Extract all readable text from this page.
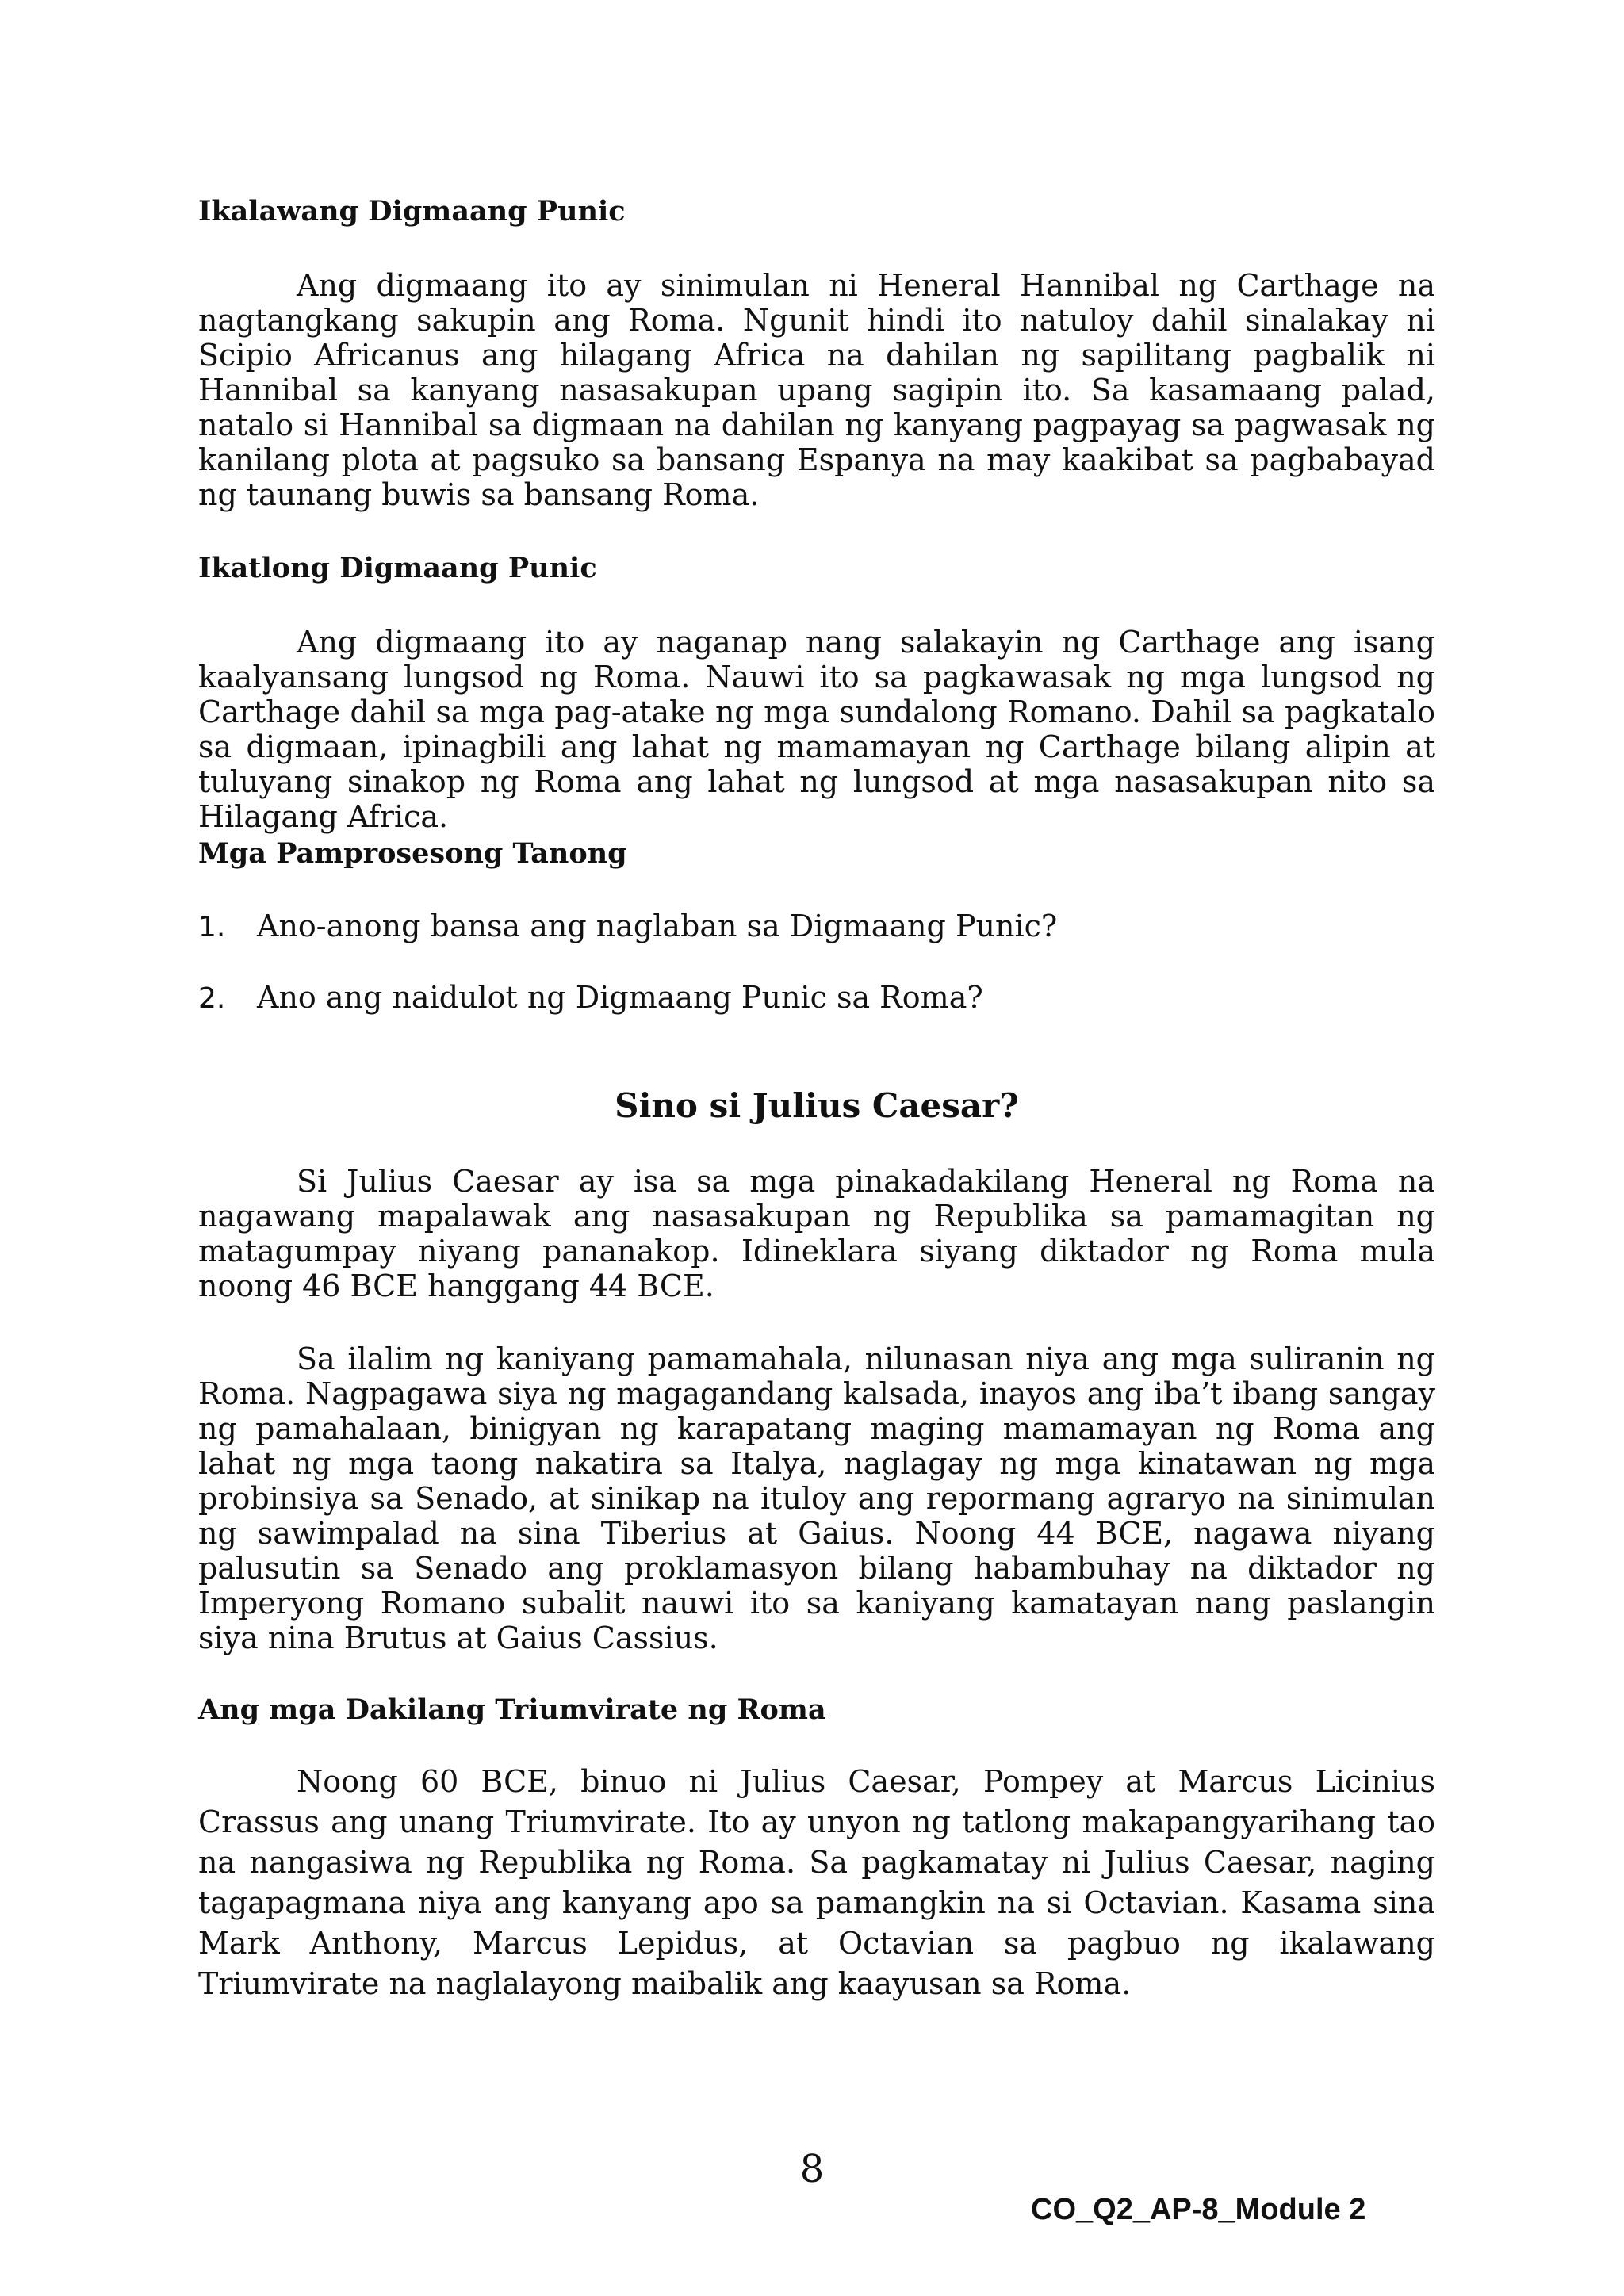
Ikalawang Digmaang Punic

Ang digmaang ito ay sinimulan ni Heneral Hannibal ng Carthage na nagtangkang sakupin ang Roma. Ngunit hindi ito natuloy dahil sinalakay ni Scipio Africanus ang hilagang Africa na dahilan ng sapilitang pagbalik ni Hannibal sa kanyang nasasakupan upang sagipin ito. Sa kasamaang palad, natalo si Hannibal sa digmaan na dahilan ng kanyang pagpayag sa pagwasak ng kanilang plota at pagsuko sa bansang Espanya na may kaakibat sa pagbabayad ng taunang buwis sa bansang Roma.

Ikatlong Digmaang Punic

Ang digmaang ito ay naganap nang salakayin ng Carthage ang isang kaalyansang lungsod ng Roma. Nauwi ito sa pagkawasak ng mga lungsod ng Carthage dahil sa mga pag-atake ng mga sundalong Romano. Dahil sa pagkatalo sa digmaan, ipinagbili ang lahat ng mamamayan ng Carthage bilang alipin at tuluyang sinakop ng Roma ang lahat ng lungsod at mga nasasakupan nito sa Hilagang Africa.

Mga Pamprosesong Tanong
1. Ano-anong bansa ang naglaban sa Digmaang Punic?
2. Ano ang naidulot ng Digmaang Punic sa Roma?
Sino si Julius Caesar?

Si Julius Caesar ay isa sa mga pinakadakilang Heneral ng Roma na nagawang mapalawak ang nasasakupan ng Republika sa pamamagitan ng matagumpay niyang pananakop. Idineklara siyang diktador ng Roma mula noong 46 BCE hanggang 44 BCE.

Sa ilalim ng kaniyang pamamahala, nilunasan niya ang mga suliranin ng Roma. Nagpagawa siya ng magagandang kalsada, inayos ang iba’t ibang sangay ng pamahalaan, binigyan ng karapatang maging mamamayan ng Roma ang lahat ng mga taong nakatira sa Italya, naglagay ng mga kinatawan ng mga probinsiya sa Senado, at sinikap na ituloy ang repormang agraryo na sinimulan ng sawimpalad na sina Tiberius at Gaius. Noong 44 BCE, nagawa niyang palusutin sa Senado ang proklamasyon bilang habambuhay na diktador ng Imperyong Romano subalit nauwi ito sa kaniyang kamatayan nang paslangin siya nina Brutus at Gaius Cassius.

Ang mga Dakilang Triumvirate ng Roma

Noong 60 BCE, binuo ni Julius Caesar, Pompey at Marcus Licinius Crassus ang unang Triumvirate. Ito ay unyon ng tatlong makapangyarihang tao na nangasiwa ng Republika ng Roma. Sa pagkamatay ni Julius Caesar, naging tagapagmana niya ang kanyang apo sa pamangkin na si Octavian. Kasama sina Mark Anthony, Marcus Lepidus, at Octavian sa pagbuo ng ikalawang Triumvirate na naglalayong maibalik ang kaayusan sa Roma.

8
CO_Q2_AP-8_Module 2
